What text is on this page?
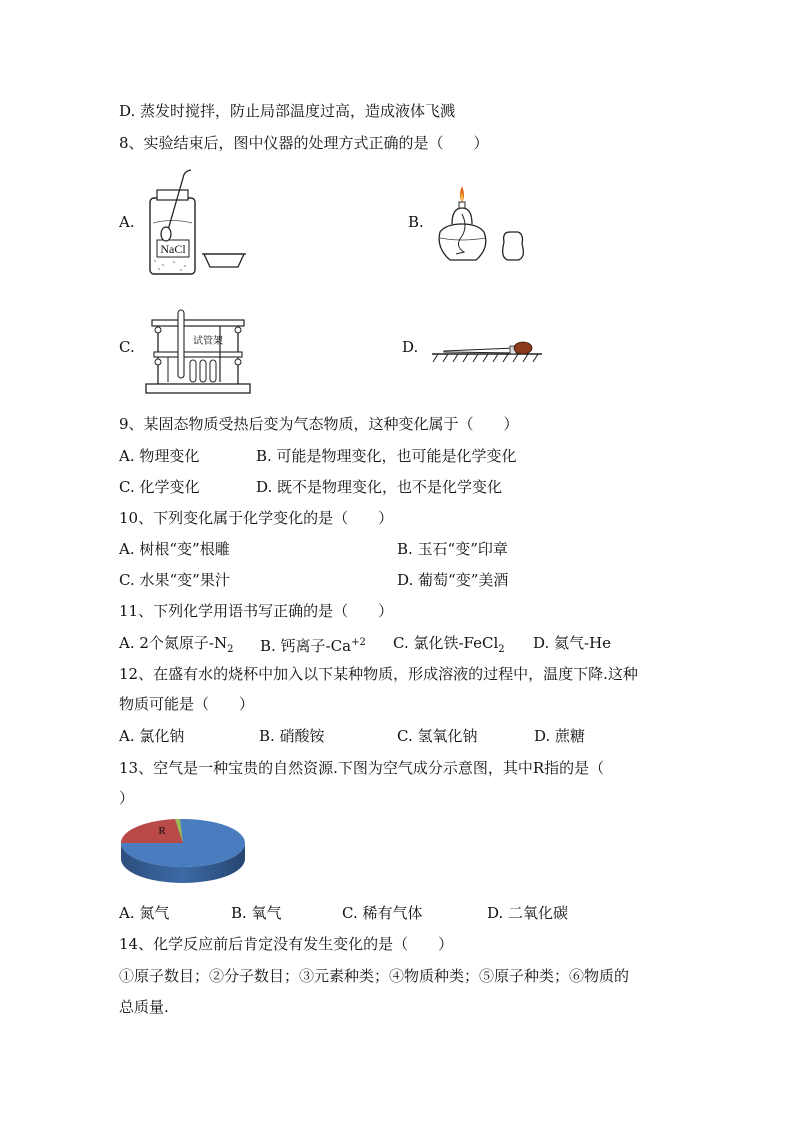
D. 蒸发时搅拌，防止局部温度过高，造成液体飞溅
8、实验结束后，图中仪器的处理方式正确的是（　　）
A.
NaCl
B.
C.	试管架	D.
9、某固态物质受热后变为气态物质，这种变化属于（　　）
A. 物理变化	B. 可能是物理变化，也可能是化学变化
C. 化学变化	D. 既不是物理变化，也不是化学变化
10、下列变化属于化学变化的是（　　）
A. 树根“变”根雕	B. 玉石“变”印章
C. 水果“变”果汁	D. 葡萄“变”美酒
11、下列化学用语书写正确的是（　　）
A. 2个氮原子$-N_2$ B. 钙离子$-Ca^{+2}$ C. 氯化铁-FeCl$_2$ D. 氦气-He
12、在盛有水的烧杯中加入以下某种物质，形成溶液的过程中，温度下降.这种
物质可能是（　　）
A. 氯化钠	B. 硝酸铵	C. 氢氧化钠	D. 蔗糖
13、空气是一种宝贵的自然资源.下图为空气成分示意图，其中R指的是（
）
R
A. 氮气	B. 氧气	C. 稀有气体	D. 二氧化碳
14、化学反应前后肯定没有发生变化的是（　　）
①原子数目；②分子数目；③元素种类；④物质种类；⑤原子种类；⑥物质的
总质量.
